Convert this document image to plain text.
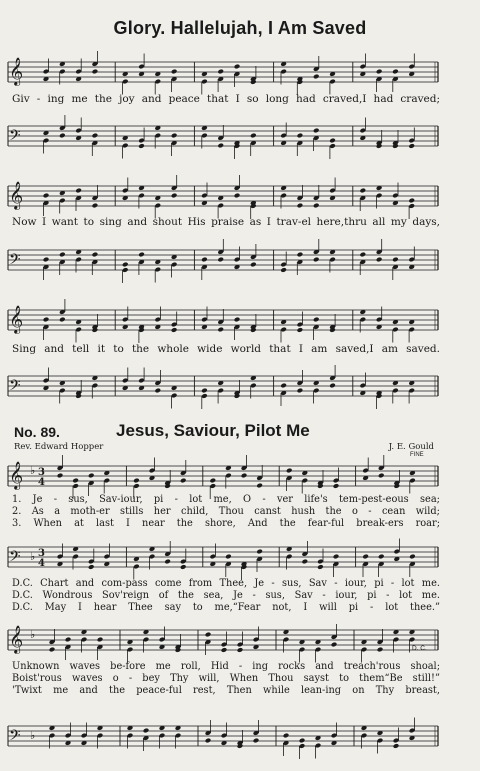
Glory. Hallelujah, I Am Saved
𝄞
Giv - ing me the joy and peace that I so long had craved,I had craved;
𝄢
𝄞
Now I want to sing and shout His praise as I trav-el here,thru all my days,
𝄢
𝄞
Sing and tell it to the whole wide world that I am saved,I am saved.
𝄢
No. 89.	Jesus, Saviour, Pilot Me
Rev. Edward Hopper	J. E. Gould
FINE
𝄞 ♭ 3
4
1. Je - sus, Sav-iour, pi - lot me, O - ver life's tem-pest-eous sea;
2. As a moth-er stills her child, Thou canst hush the o - cean wild;
3. When at last I near the shore, And the fear-ful break-ers roar;
𝄢 ♭ 3
4
D.C. Chart and com-pass come from Thee, Je - sus, Sav - iour, pi - lot me.
D.C. Wondrous Sov'reign of the sea, Je - sus, Sav - iour, pi - lot me.
D.C. May I hear Thee say to me,“Fear not, I will pi - lot thee.”
𝄞 ♭
D. C.
Unknown waves be-fore me roll, Hid - ing rocks and treach'rous shoal;
Boist'rous waves o - bey Thy will, When Thou sayst to them“Be still!”
'Twixt me and the peace-ful rest, Then while lean-ing on Thy breast,
𝄢 ♭
